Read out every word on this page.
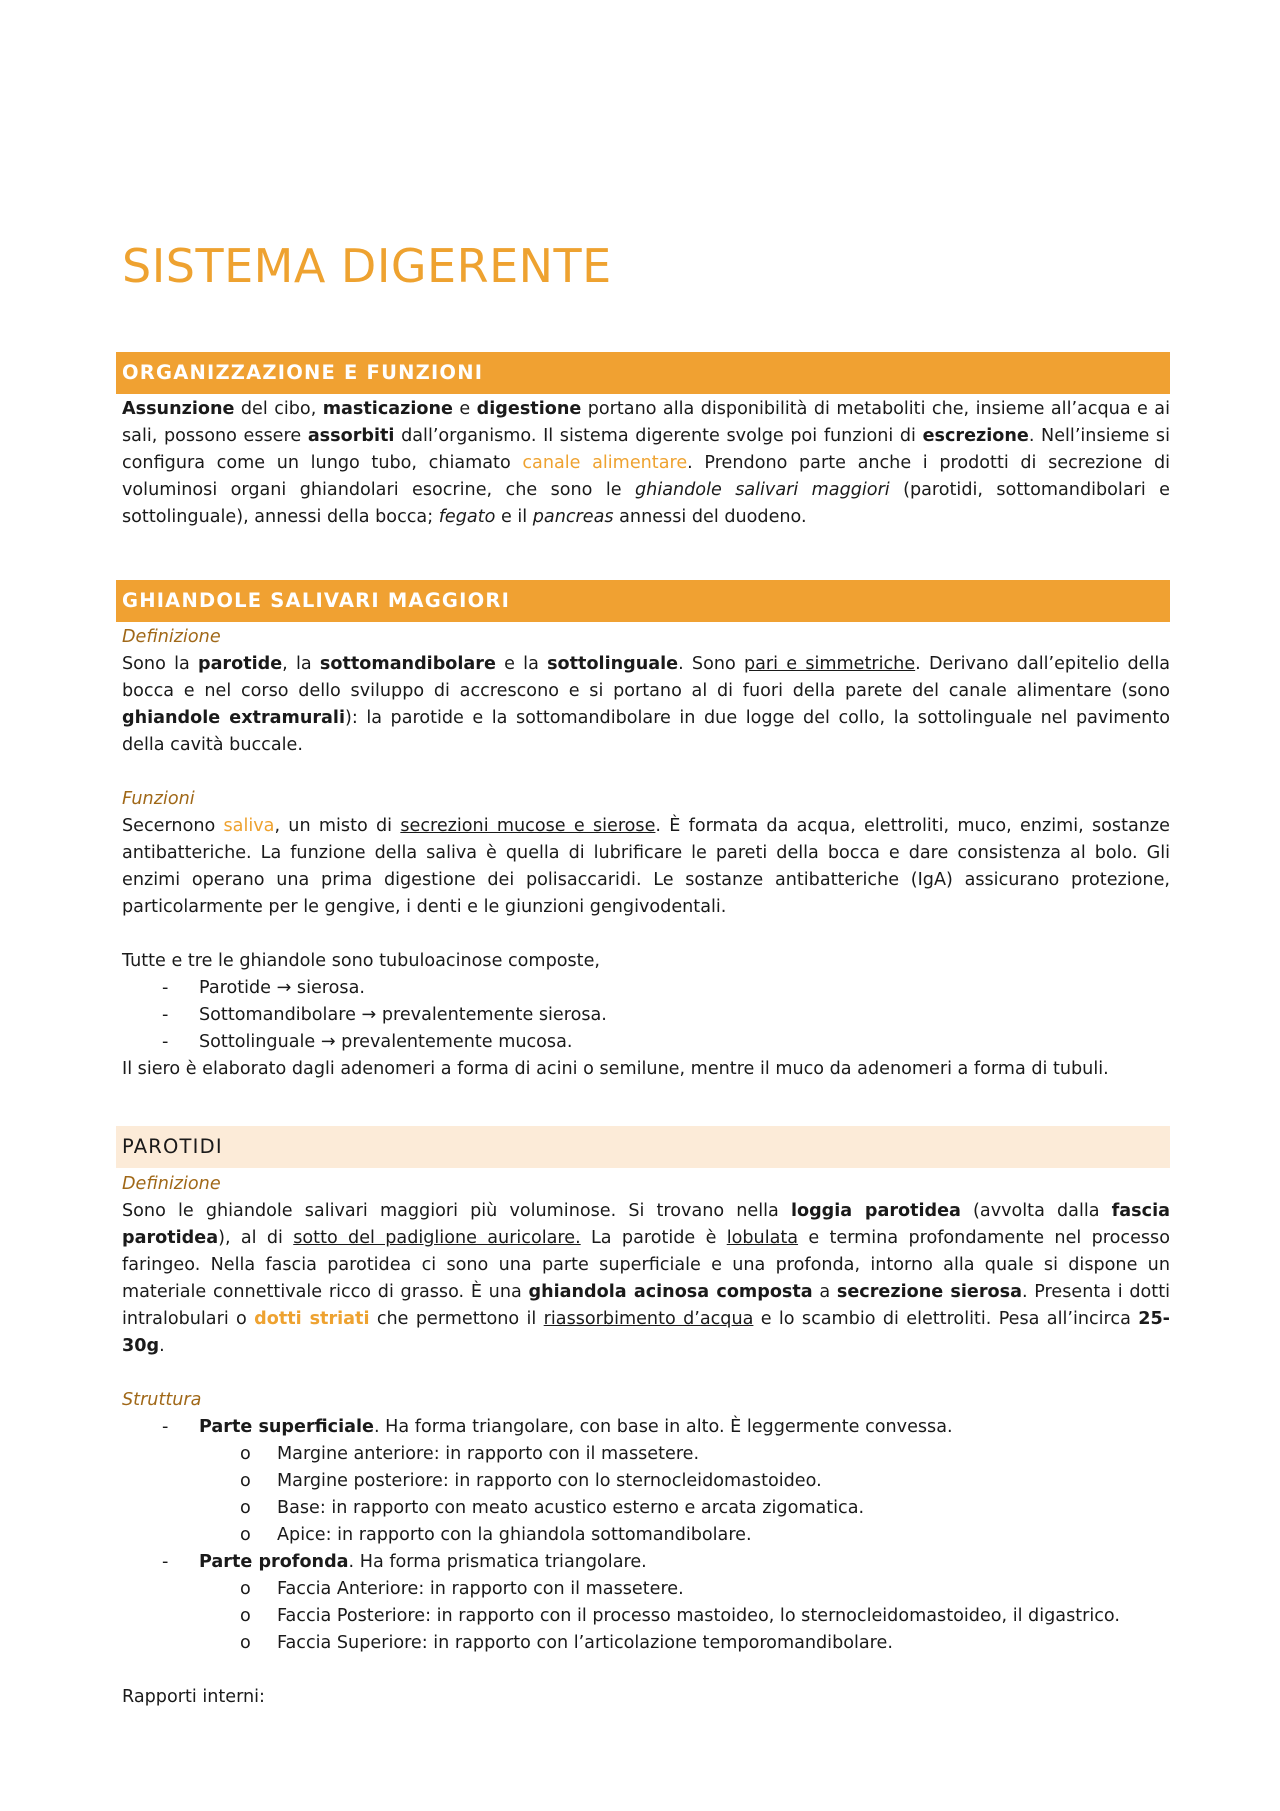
SISTEMA DIGERENTE
ORGANIZZAZIONE E FUNZIONI

Assunzione del cibo, masticazione e digestione portano alla disponibilità di metaboliti che, insieme all’acqua e ai sali, possono essere assorbiti dall’organismo. Il sistema digerente svolge poi funzioni di escrezione. Nell’insieme si configura come un lungo tubo, chiamato canale alimentare. Prendono parte anche i prodotti di secrezione di voluminosi organi ghiandolari esocrine, che sono le ghiandole salivari maggiori (parotidi, sottomandibolari e sottolinguale), annessi della bocca; fegato e il pancreas annessi del duodeno.

GHIANDOLE SALIVARI MAGGIORI
Definizione

Sono la parotide, la sottomandibolare e la sottolinguale. Sono pari e simmetriche. Derivano dall’epitelio della bocca e nel corso dello sviluppo di accrescono e si portano al di fuori della parete del canale alimentare (sono ghiandole extramurali): la parotide e la sottomandibolare in due logge del collo, la sottolinguale nel pavimento della cavità buccale.

Funzioni

Secernono saliva, un misto di secrezioni mucose e sierose. È formata da acqua, elettroliti, muco, enzimi, sostanze antibatteriche. La funzione della saliva è quella di lubrificare le pareti della bocca e dare consistenza al bolo. Gli enzimi operano una prima digestione dei polisaccaridi. Le sostanze antibatteriche (IgA) assicurano protezione, particolarmente per le gengive, i denti e le giunzioni gengivodentali.

Tutte e tre le ghiandole sono tubuloacinose composte,

- Parotide → sierosa.
- Sottomandibolare → prevalentemente sierosa.
- Sottolinguale → prevalentemente mucosa.

Il siero è elaborato dagli adenomeri a forma di acini o semilune, mentre il muco da adenomeri a forma di tubuli.

PAROTIDI
Definizione

Sono le ghiandole salivari maggiori più voluminose. Si trovano nella loggia parotidea (avvolta dalla fascia parotidea), al di sotto del padiglione auricolare. La parotide è lobulata e termina profondamente nel processo faringeo. Nella fascia parotidea ci sono una parte superficiale e una profonda, intorno alla quale si dispone un materiale connettivale ricco di grasso. È una ghiandola acinosa composta a secrezione sierosa. Presenta i dotti intralobulari o dotti striati che permettono il riassorbimento d’acqua e lo scambio di elettroliti. Pesa all’incirca 25-30g.

Struttura
- Parte superficiale. Ha forma triangolare, con base in alto. È leggermente convessa.
o Margine anteriore: in rapporto con il massetere.
o Margine posteriore: in rapporto con lo sternocleidomastoideo.
o Base: in rapporto con meato acustico esterno e arcata zigomatica.
o Apice: in rapporto con la ghiandola sottomandibolare.
- Parte profonda. Ha forma prismatica triangolare.
o Faccia Anteriore: in rapporto con il massetere.
o Faccia Posteriore: in rapporto con il processo mastoideo, lo sternocleidomastoideo, il digastrico.
o Faccia Superiore: in rapporto con l’articolazione temporomandibolare.

Rapporti interni:
